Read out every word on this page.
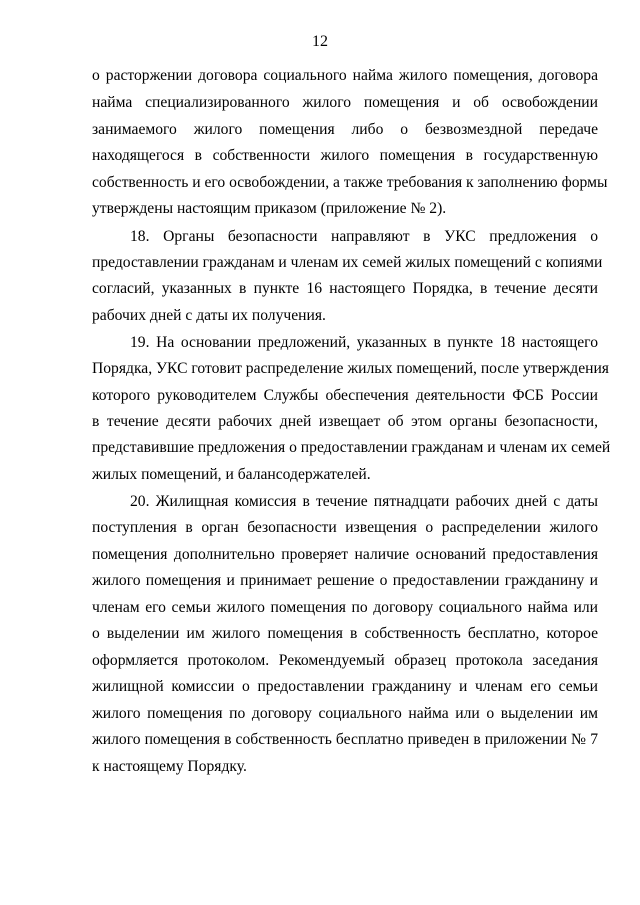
12
о расторжении договора социального найма жилого помещения, договора
найма специализированного жилого помещения и об освобождении
занимаемого жилого помещения либо о безвозмездной передаче
находящегося в собственности жилого помещения в государственную
собственность и его освобождении, а также требования к заполнению формы
утверждены настоящим приказом (приложение № 2).
18. Органы безопасности направляют в УКС предложения о
предоставлении гражданам и членам их семей жилых помещений с копиями
согласий, указанных в пункте 16 настоящего Порядка, в течение десяти
рабочих дней с даты их получения.
19. На основании предложений, указанных в пункте 18 настоящего
Порядка, УКС готовит распределение жилых помещений, после утверждения
которого руководителем Службы обеспечения деятельности ФСБ России
в течение десяти рабочих дней извещает об этом органы безопасности,
представившие предложения о предоставлении гражданам и членам их семей
жилых помещений, и балансодержателей.
20. Жилищная комиссия в течение пятнадцати рабочих дней с даты
поступления в орган безопасности извещения о распределении жилого
помещения дополнительно проверяет наличие оснований предоставления
жилого помещения и принимает решение о предоставлении гражданину и
членам его семьи жилого помещения по договору социального найма или
о выделении им жилого помещения в собственность бесплатно, которое
оформляется протоколом. Рекомендуемый образец протокола заседания
жилищной комиссии о предоставлении гражданину и членам его семьи
жилого помещения по договору социального найма или о выделении им
жилого помещения в собственность бесплатно приведен в приложении № 7
к настоящему Порядку.
